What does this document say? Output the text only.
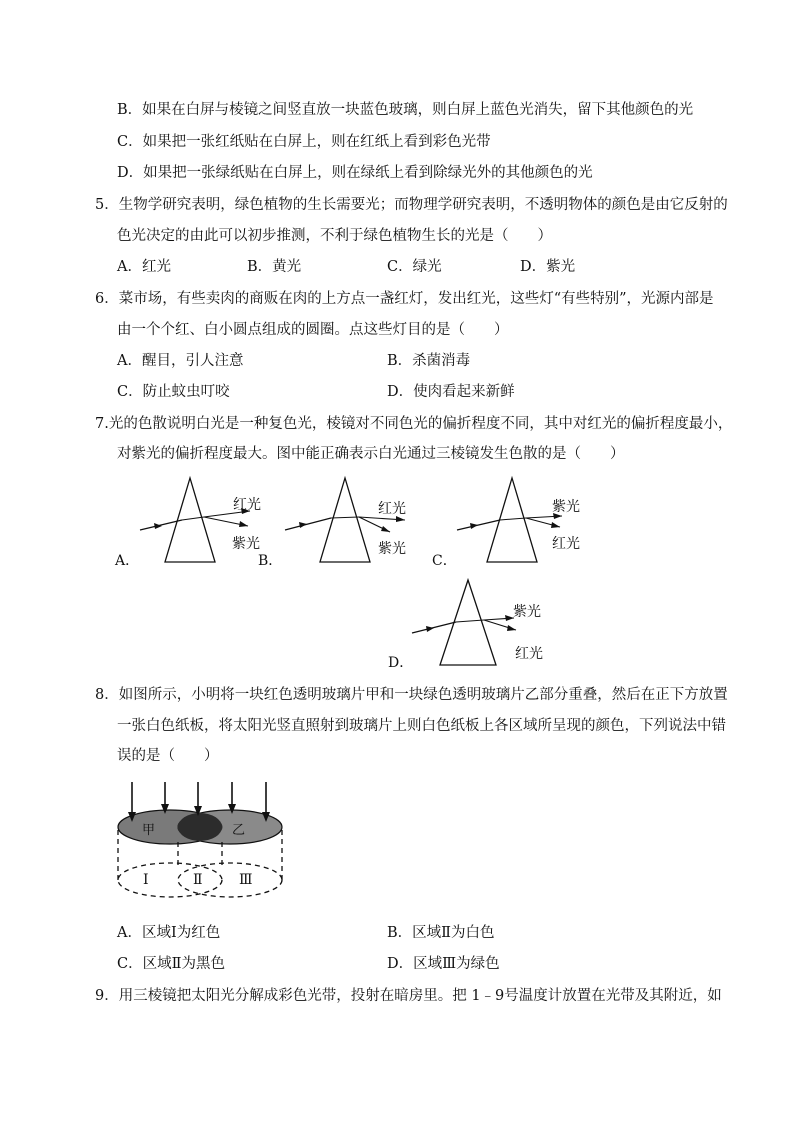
B．如果在白屏与棱镜之间竖直放一块蓝色玻璃，则白屏上蓝色光消失，留下其他颜色的光
C．如果把一张红纸贴在白屏上，则在红纸上看到彩色光带
D．如果把一张绿纸贴在白屏上，则在绿纸上看到除绿光外的其他颜色的光
5．生物学研究表明，绿色植物的生长需要光；而物理学研究表明，不透明物体的颜色是由它反射的
色光决定的由此可以初步推测，不利于绿色植物生长的光是（　　）
A．红光	B．黄光	C．绿光	D．紫光
6．菜市场，有些卖肉的商贩在肉的上方点一盏红灯，发出红光，这些灯“有些特别”，光源内部是
由一个个红、白小圆点组成的圆圈。点这些灯目的是（　　）
A．醒目，引人注意	B．杀菌消毒
C．防止蚊虫叮咬	D．使肉看起来新鲜
7.光的色散说明白光是一种复色光，棱镜对不同色光的偏折程度不同，其中对红光的偏折程度最小，
对紫光的偏折程度最大。图中能正确表示白光通过三棱镜发生色散的是（　　）
红光
紫光
A．
红光
紫光
B．
紫光
红光
C．
紫光
红光
D．
8．如图所示，小明将一块红色透明玻璃片甲和一块绿色透明玻璃片乙部分重叠，然后在正下方放置
一张白色纸板，将太阳光竖直照射到玻璃片上则白色纸板上各区域所呈现的颜色，下列说法中错
误的是（　　）
甲	乙
Ⅰ	Ⅱ	Ⅲ
A．区域Ⅰ为红色	B．区域Ⅱ为白色
C．区域Ⅱ为黑色	D．区域Ⅲ为绿色
9．用三棱镜把太阳光分解成彩色光带，投射在暗房里。把 1﹣9号温度计放置在光带及其附近，如
